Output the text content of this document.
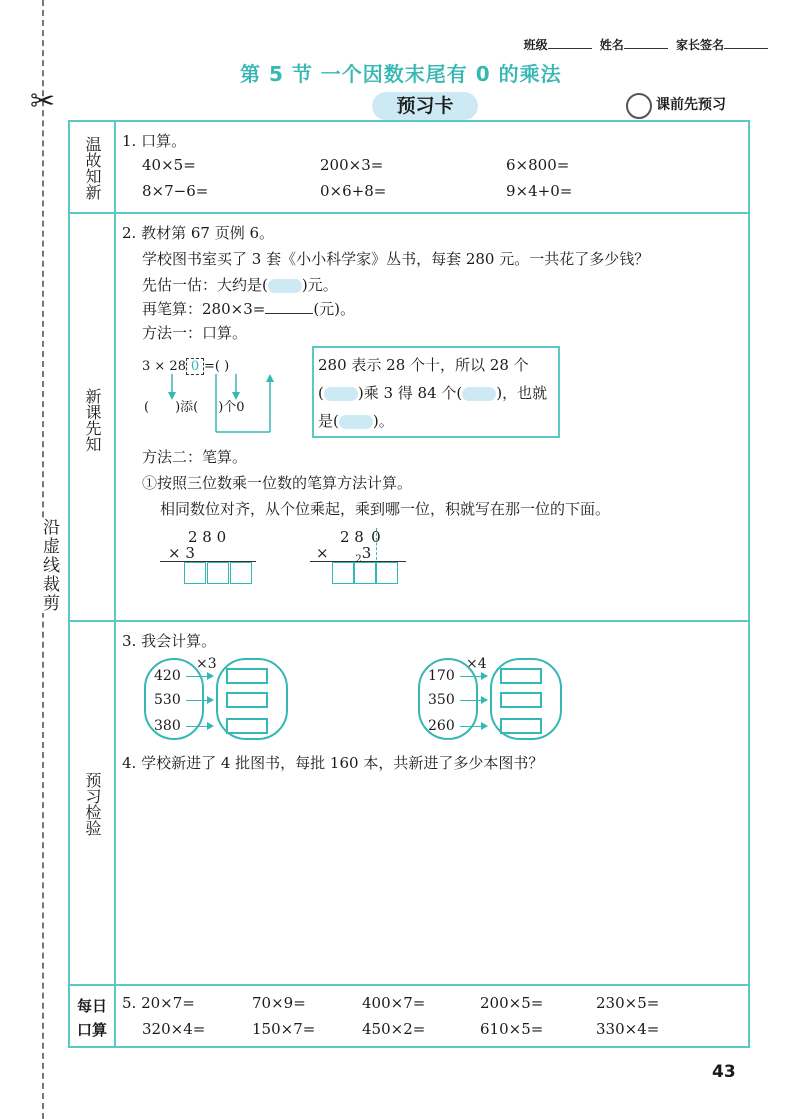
沿虚线裁剪
✂
班级	姓名	家长签名
第 5 节 一个因数末尾有 0 的乘法
预习卡	课前先预习
温故知新
新课先知
预习检验
每日口算
1. 口算。
40×5=	200×3=	6×800=
8×7−6=	0×6+8=	9×4+0=
2. 教材第 67 页例 6。
学校图书室买了 3 套《小小科学家》丛书，每套 280 元。一共花了多少钱？
先估一估：大约是( )元。
再笔算：280×3=	(元)。
方法一：口算。
3 × 28 0 =( )
( )添( )个0
280 表示 28 个十，所以 28 个
( )乘 3 得 84 个( )，也就
是( )。
方法二：笔算。
①按照三位数乘一位数的笔算方法计算。
相同数位对齐，从个位乘起，乘到哪一位，积就写在那一位的下面。
2 8 0
× 3
2 8 0
× $_2$3
3. 我会计算。
×3
420
530
380
×4
170
350
260
4. 学校新进了 4 批图书，每批 160 本，共新进了多少本图书？
5. 20×7=	70×9=	400×7=	200×5=	230×5=
320×4=	150×7=	450×2=	610×5=	330×4=
43
